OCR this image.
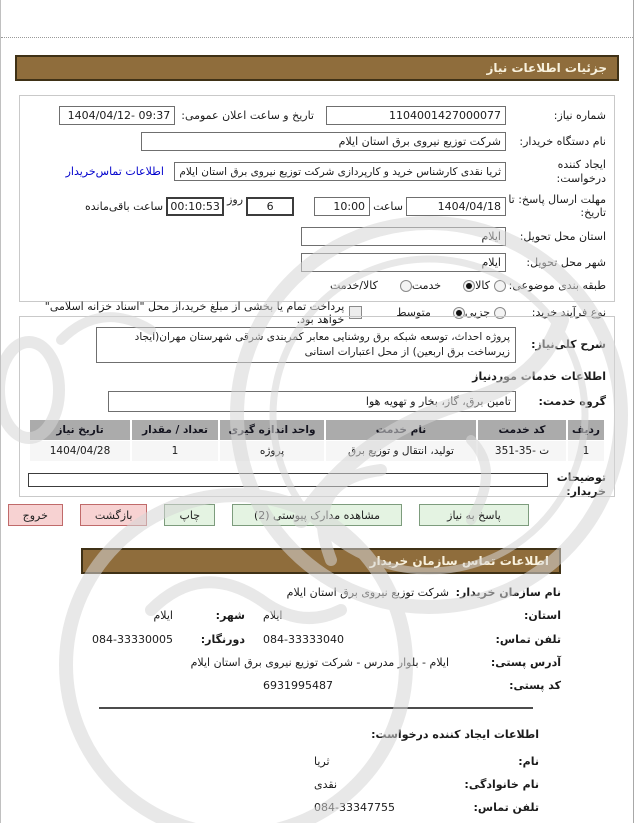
جزئیات اطلاعات نیاز
شماره نیاز:
1104001427000077
تاریخ و ساعت اعلان عمومی:
1404/04/12- 09:37
نام دستگاه خریدار:
شرکت توزیع نیروی برق استان ایلام
ایجاد کننده درخواست:
ثریا نقدی کارشناس خرید و کارپردازی شرکت توزیع نیروی برق استان ایلام
اطلاعات تماس‌خریدار
مهلت ارسال پاسخ: تا تاریخ:
1404/04/18
ساعت
10:00
6
روز
00:10:53
ساعت باقی‌مانده
استان محل تحویل:
ایلام
شهر محل تحویل:
ایلام
طبقه بندی موضوعی:
کالا
خدمت
کالا/خدمت
نوع فرآیند خرید:
جزیی
متوسط
پرداخت تمام یا بخشی از مبلغ خرید،از محل "اسناد خزانه اسلامی" خواهد بود.
شرح کلی‌نیاز:
پروژه احداث، توسعه شبکه برق روشنایی معابر کمربندی شرقی شهرستان مهران(ایجاد زیرساخت برق اربعین) از محل اعتبارات استانی
اطلاعات خدمات موردنیاز
گروه خدمت:
تامین برق، گاز، بخار و تهویه هوا
ردیف	کد خدمت	نام خدمت	واحد اندازه گیری	تعداد / مقدار	تاریخ نیاز
1	351-35- ت	تولید، انتقال و توزیع برق	پروژه	1	1404/04/28
توضیحات خریدار:
پاسخ به نیاز
مشاهده مدارک پیوستی (2)
چاپ
بازگشت
خروج
اطلاعات تماس سازمان خریدار
نام سازمان خریدار:
شرکت توزیع نیروی برق استان ایلام
استان:
ایلام
شهر:
ایلام
تلفن تماس:
084-33333040
دورنگار:
084-33330005
آدرس پستی:
ایلام - بلوار مدرس - شرکت توزیع نیروی برق استان ایلام
کد پستی:
6931995487
اطلاعات ایجاد کننده درخواست:
نام:
ثریا
نام خانوادگی:
نقدی
تلفن تماس:
084-33347755
